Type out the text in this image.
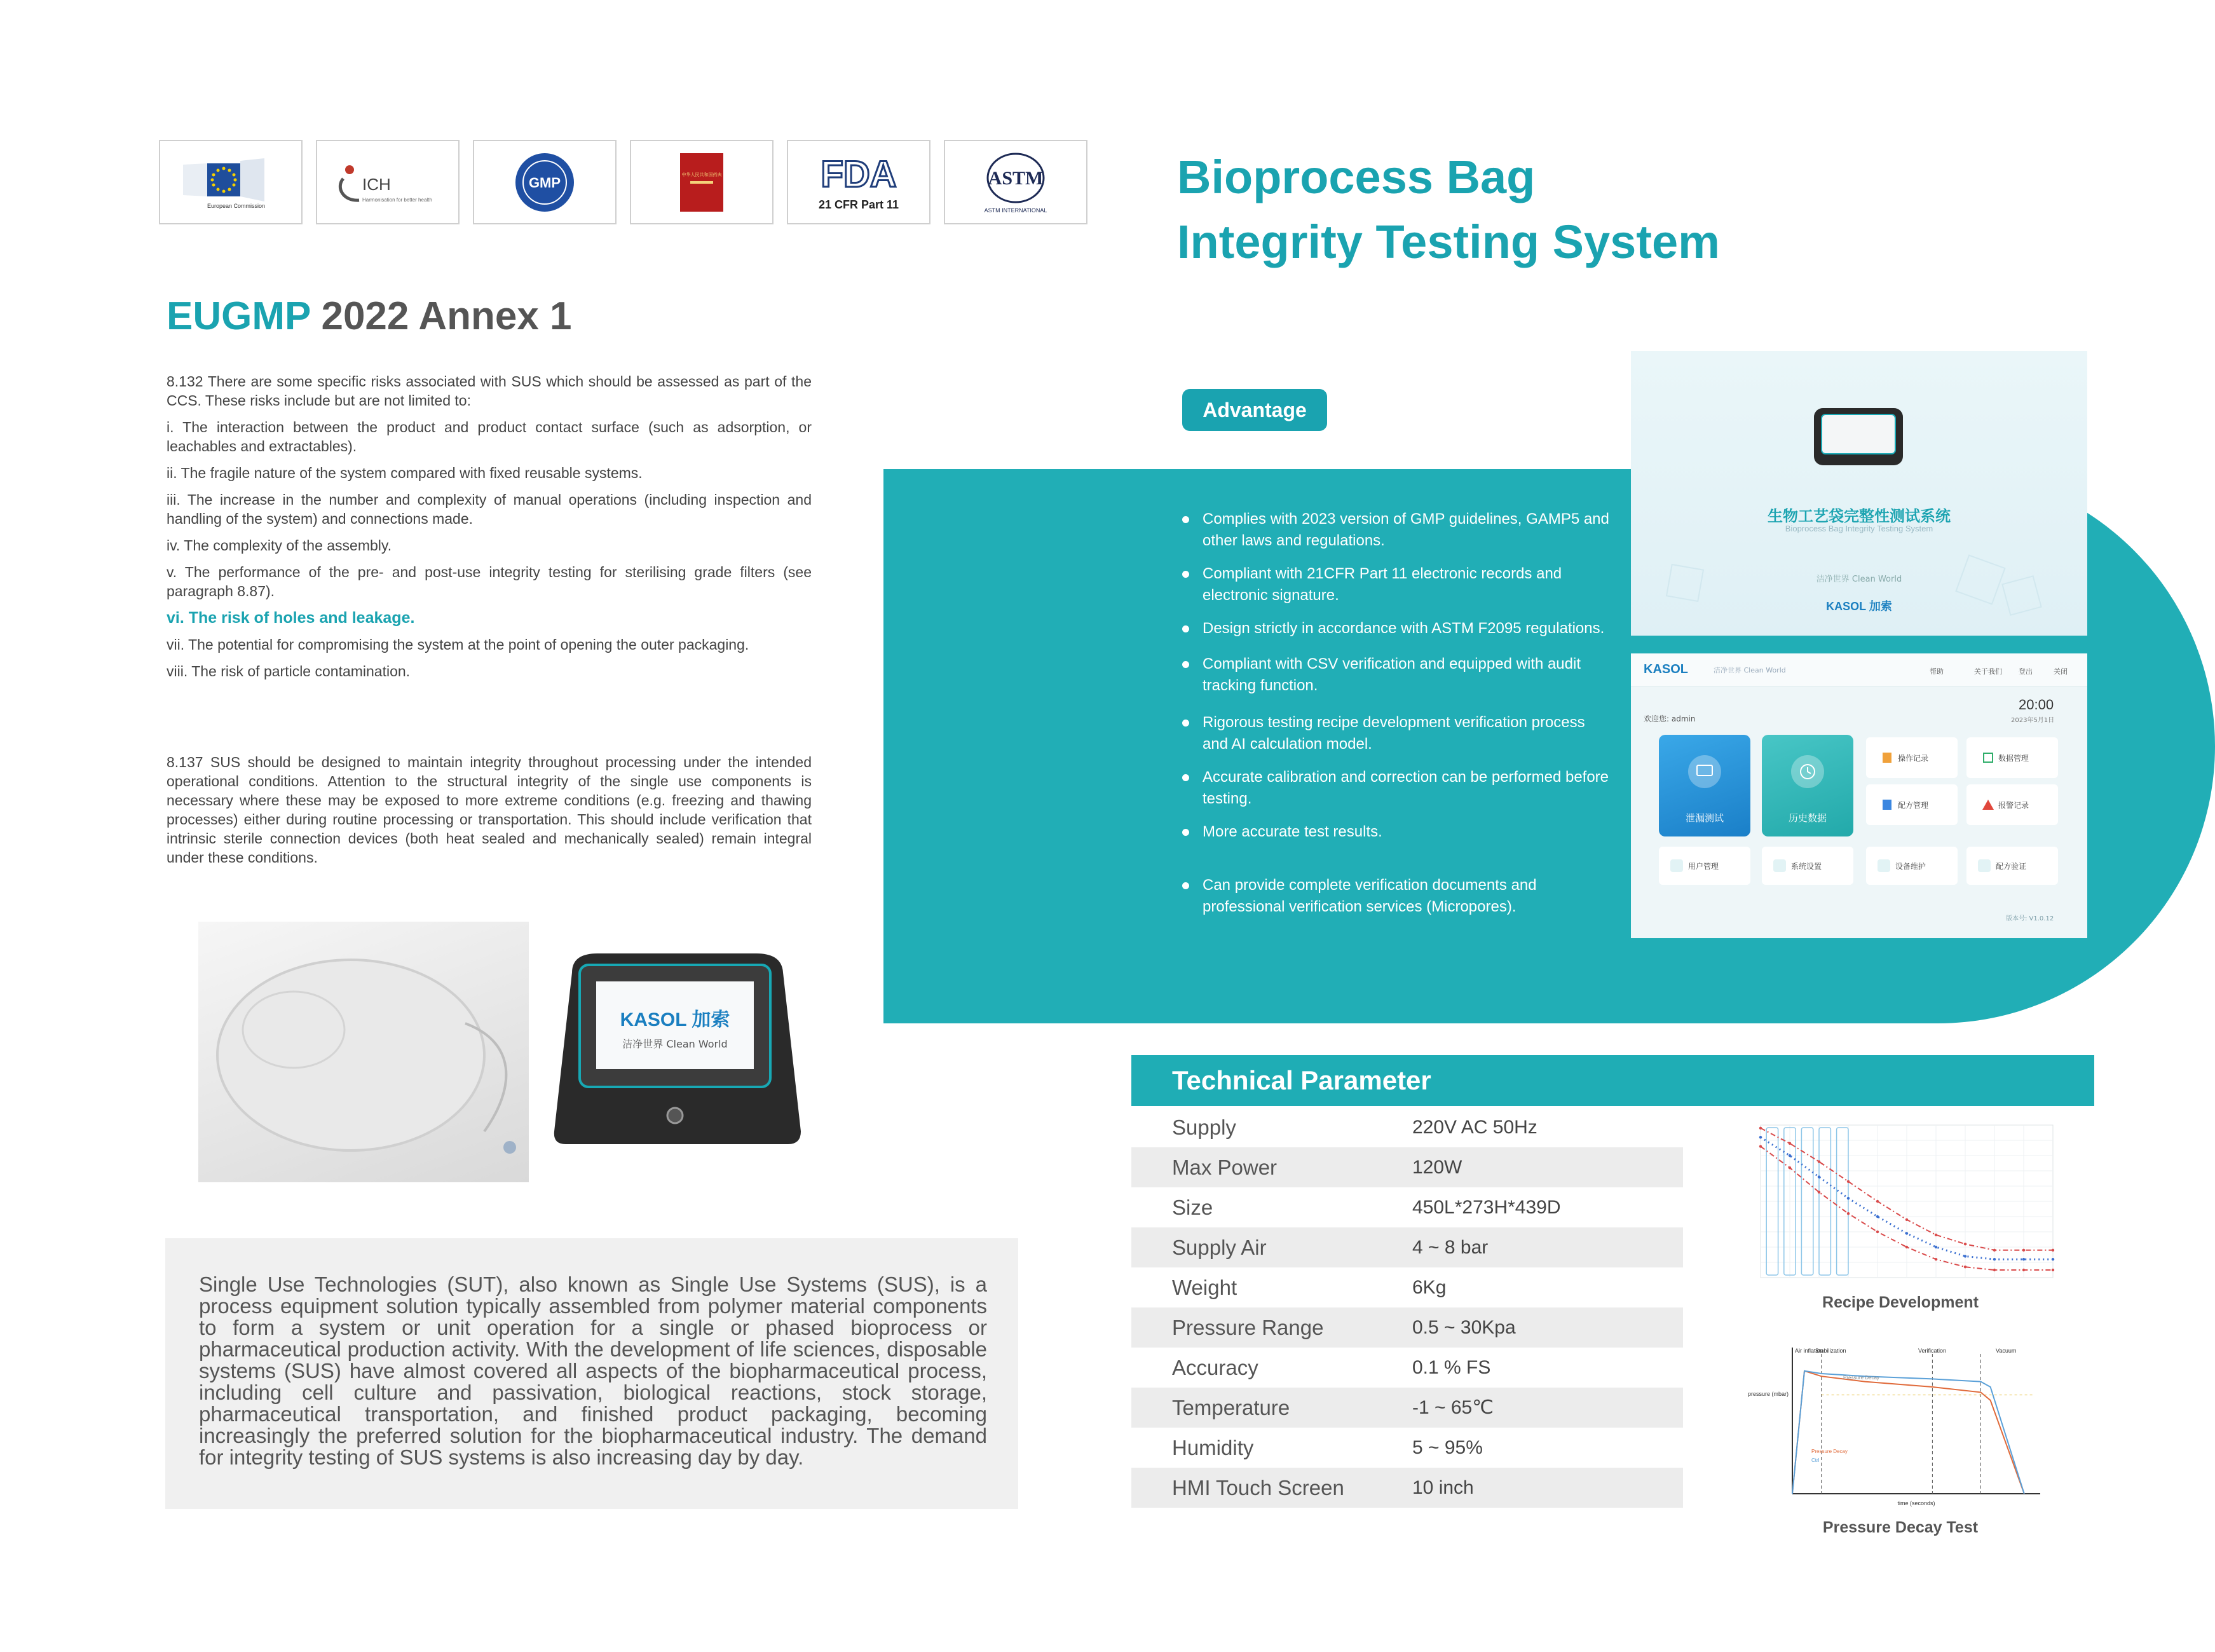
European Commission
ICH
Harmonisation for better health
GMP	中华人民共和国药典	FDA
21 CFR Part 11
ASTM
ASTM INTERNATIONAL
EUGMP 2022 Annex 1

8.132 There are some specific risks associated with SUS which should be assessed as part of the CCS. These risks include but are not limited to:

i. The interaction between the product and product contact surface (such as adsorption, or leachables and extractables).

ii. The fragile nature of the system compared with fixed reusable systems.

iii. The increase in the number and complexity of manual operations (including inspection and handling of the system) and connections made.

iv. The complexity of the assembly.

v. The performance of the pre- and post-use integrity testing for sterilising grade filters (see paragraph 8.87).

vi. The risk of holes and leakage.

vii. The potential for compromising the system at the point of opening the outer packaging.

viii. The risk of particle contamination.

8.137 SUS should be designed to maintain integrity throughout processing under the intended operational conditions. Attention to the structural integrity of the single use components is necessary where these may be exposed to more extreme conditions (e.g. freezing and thawing processes) either during routine processing or transportation. This should include verification that intrinsic sterile connection devices (both heat sealed and mechanically sealed) remain integral under these conditions.

KASOL 加索
洁净世界 Clean World

Single Use Technologies (SUT), also known as Single Use Systems (SUS), is a process equipment solution typically assembled from polymer material components to form a system or unit operation for a single or phased bioprocess or pharmaceutical production activity. With the development of life sciences, disposable systems (SUS) have almost covered all aspects of the biopharmaceutical process, including cell culture and passivation, biological reactions, stock storage, pharmaceutical transportation, and finished product packaging, becoming increasingly the preferred solution for the biopharmaceutical industry. The demand for integrity testing of SUS systems is also increasing day by day.

Bioprocess Bag
Integrity Testing System
Advantage
Complies with 2023 version of GMP guidelines, GAMP5 and other laws and regulations.
Compliant with 21CFR Part 11 electronic records and electronic signature.
Design strictly in accordance with ASTM F2095 regulations.
Compliant with CSV verification and equipped with audit tracking function.
Rigorous testing recipe development verification process and AI calculation model.
Accurate calibration and correction can be performed before testing.
More accurate test results.
Can provide complete verification documents and professional verification services (Micropores).
生物工艺袋完整性测试系统
Bioprocess Bag Integrity Testing System
洁净世界 Clean World
KASOL 加索
KASOL	洁净世界 Clean World	帮助	关于我们 登出	关闭
欢迎您: admin
20:00
2023年5月1日
泄漏测试	历史数据
操作记录	数据管理
配方管理	报警记录
用户管理	系统设置	设备维护	配方验证
版本号: V1.0.12
Technical Parameter
Supply	220V AC 50Hz
Max Power	120W
Size	450L*273H*439D
Supply Air	4 ~ 8 bar
Weight	6Kg
Pressure Range	0.5 ~ 30Kpa
Accuracy	0.1 % FS
Temperature	-1 ~ 65℃
Humidity	5 ~ 95%
HMI Touch Screen	10 inch
Recipe Development
pressure (mbar)
time (seconds)
Air inflation
Stabilization	Verification	Vacuum
Pressure Decay
Pressure Decay
Ctrl
Pressure Decay Test
